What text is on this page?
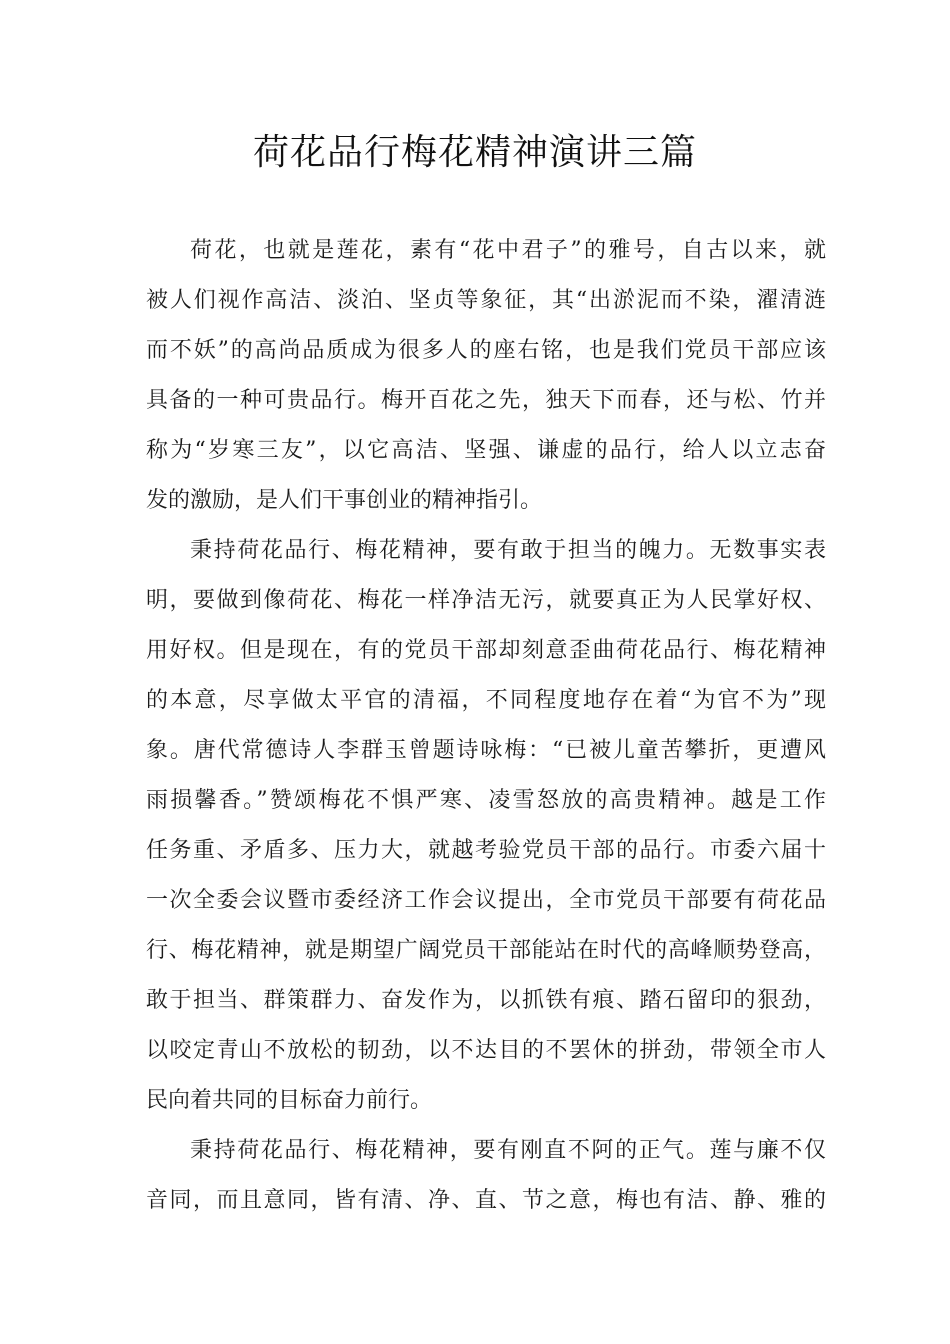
荷花品行梅花精神演讲三篇
荷花，也就是莲花，素有“花中君子”的雅号，自古以来，就
被人们视作高洁、淡泊、坚贞等象征，其“出淤泥而不染，濯清涟
而不妖”的高尚品质成为很多人的座右铭，也是我们党员干部应该
具备的一种可贵品行。梅开百花之先，独天下而春，还与松、竹并
称为“岁寒三友”，以它高洁、坚强、谦虚的品行，给人以立志奋
发的激励，是人们干事创业的精神指引。
秉持荷花品行、梅花精神，要有敢于担当的魄力。无数事实表
明，要做到像荷花、梅花一样净洁无污，就要真正为人民掌好权、
用好权。但是现在，有的党员干部却刻意歪曲荷花品行、梅花精神
的本意，尽享做太平官的清福，不同程度地存在着“为官不为”现
象。唐代常德诗人李群玉曾题诗咏梅：“已被儿童苦攀折，更遭风
雨损馨香。”赞颂梅花不惧严寒、凌雪怒放的高贵精神。越是工作
任务重、矛盾多、压力大，就越考验党员干部的品行。市委六届十
一次全委会议暨市委经济工作会议提出，全市党员干部要有荷花品
行、梅花精神，就是期望广阔党员干部能站在时代的高峰顺势登高，
敢于担当、群策群力、奋发作为，以抓铁有痕、踏石留印的狠劲，
以咬定青山不放松的韧劲，以不达目的不罢休的拼劲，带领全市人
民向着共同的目标奋力前行。
秉持荷花品行、梅花精神，要有刚直不阿的正气。莲与廉不仅
音同，而且意同，皆有清、净、直、节之意，梅也有洁、静、雅的
